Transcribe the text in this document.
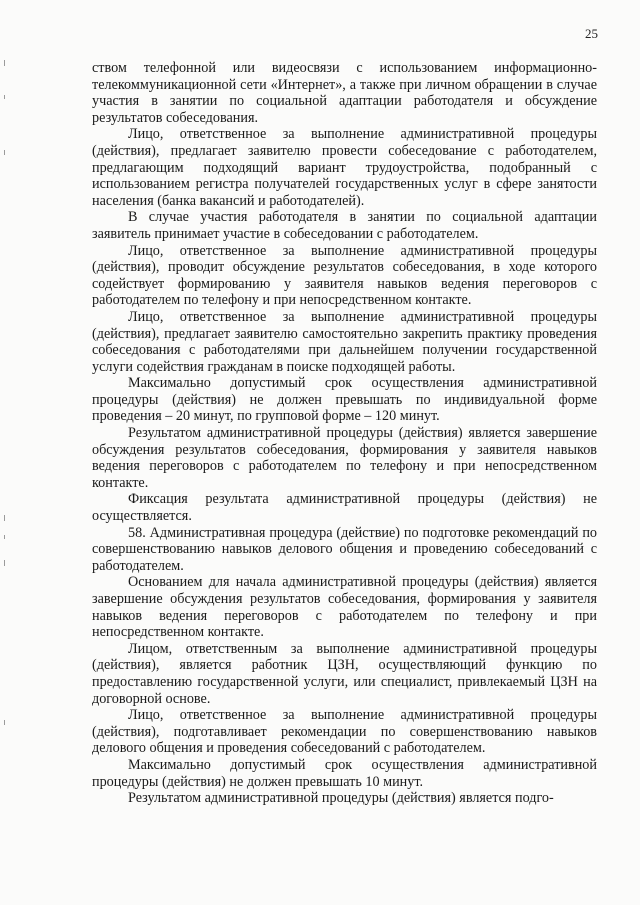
25

ством телефонной или видеосвязи с использованием информационно-телекоммуникационной сети «Интернет», а также при личном обращении в случае участия в занятии по социальной адаптации работодателя и обсуждение результатов собеседования.

Лицо, ответственное за выполнение административной процедуры (действия), предлагает заявителю провести собеседование с работодателем, предлагающим подходящий вариант трудоустройства, подобранный с использованием регистра получателей государственных услуг в сфере занятости населения (банка вакансий и работодателей).

В случае участия работодателя в занятии по социальной адаптации заявитель принимает участие в собеседовании с работодателем.

Лицо, ответственное за выполнение административной процедуры (действия), проводит обсуждение результатов собеседования, в ходе которого содействует формированию у заявителя навыков ведения переговоров с работодателем по телефону и при непосредственном контакте.

Лицо, ответственное за выполнение административной процедуры (действия), предлагает заявителю самостоятельно закрепить практику проведения собеседования с работодателями при дальнейшем получении государственной услуги содействия гражданам в поиске подходящей работы.

Максимально допустимый срок осуществления административной процедуры (действия) не должен превышать по индивидуальной форме проведения – 20 минут, по групповой форме – 120 минут.

Результатом административной процедуры (действия) является завершение обсуждения результатов собеседования, формирования у заявителя навыков ведения переговоров с работодателем по телефону и при непосредственном контакте.

Фиксация результата административной процедуры (действия) не осуществляется.

58. Административная процедура (действие) по подготовке рекомендаций по совершенствованию навыков делового общения и проведению собеседований с работодателем.

Основанием для начала административной процедуры (действия) является завершение обсуждения результатов собеседования, формирования у заявителя навыков ведения переговоров с работодателем по телефону и при непосредственном контакте.

Лицом, ответственным за выполнение административной процедуры (действия), является работник ЦЗН, осуществляющий функцию по предоставлению государственной услуги, или специалист, привлекаемый ЦЗН на договорной основе.

Лицо, ответственное за выполнение административной процедуры (действия), подготавливает рекомендации по совершенствованию навыков делового общения и проведения собеседований с работодателем.

Максимально допустимый срок осуществления административной процедуры (действия) не должен превышать 10 минут.

Результатом административной процедуры (действия) является подго-
